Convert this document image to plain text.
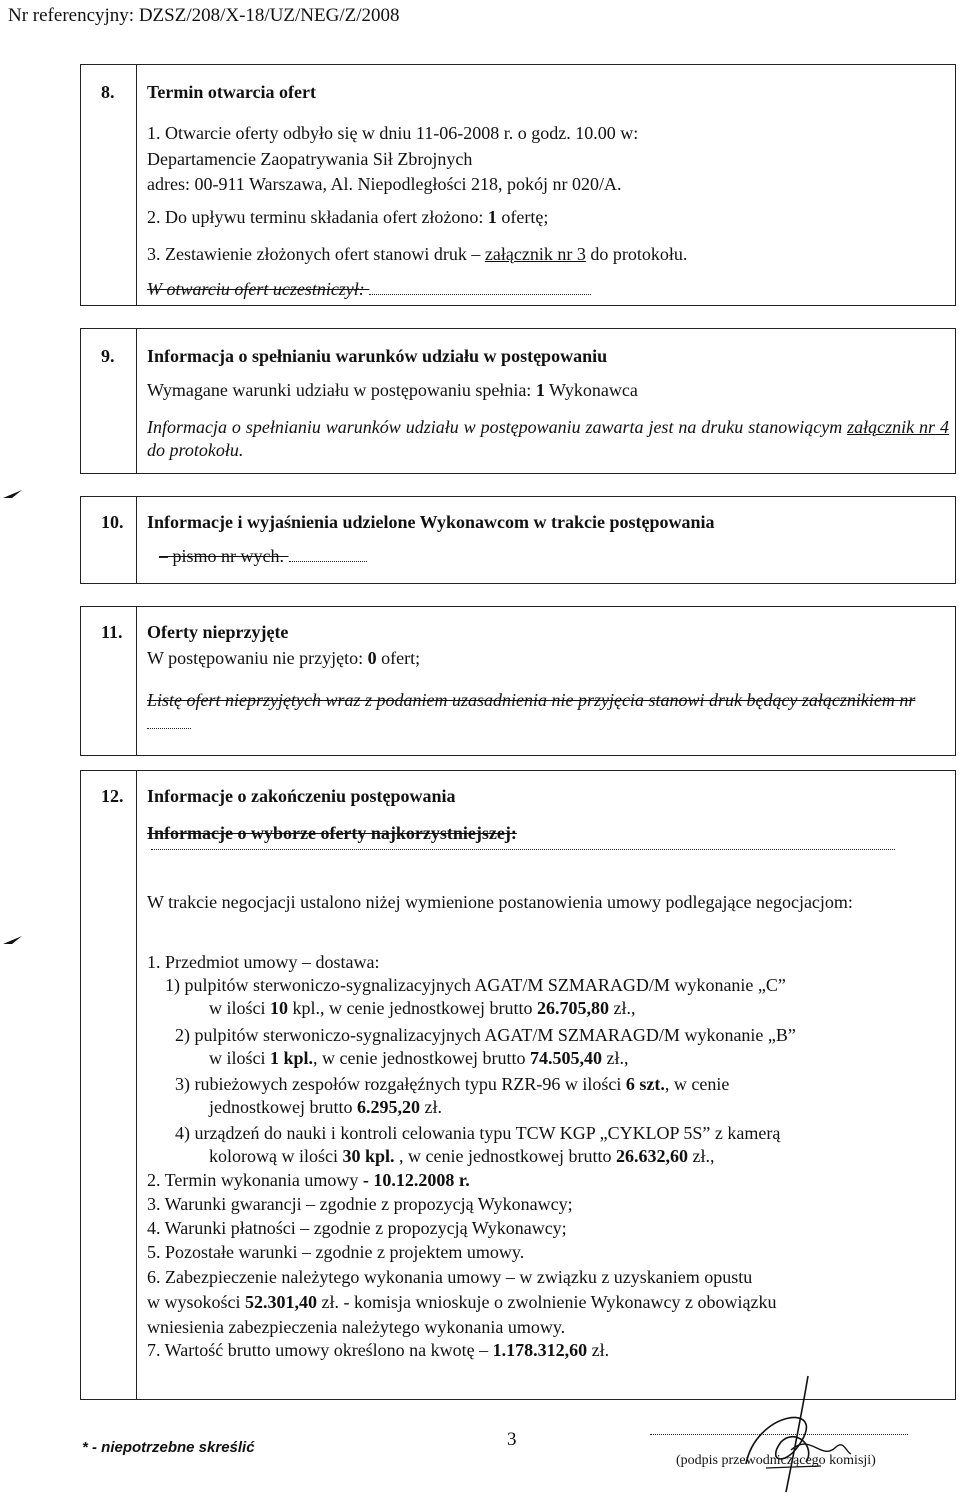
Nr referencyjny: DZSZ/208/X-18/UZ/NEG/Z/2008
8. Termin otwarcia ofert
1. Otwarcie oferty odbyło się w dniu 11-06-2008 r. o godz. 10.00 w:
Departamencie Zaopatrywania Sił Zbrojnych
adres: 00-911 Warszawa, Al. Niepodległości 218, pokój nr 020/A.
2. Do upływu terminu składania ofert złożono: 1 ofertę;
3. Zestawienie złożonych ofert stanowi druk – załącznik nr 3 do protokołu.
W otwarciu ofert uczestniczył:
9. Informacja o spełnianiu warunków udziału w postępowaniu
Wymagane warunki udziału w postępowaniu spełnia: 1 Wykonawca
Informacja o spełnianiu warunków udziału w postępowaniu zawarta jest na druku stanowiącym załącznik nr 4 do protokołu.
10. Informacje i wyjaśnienia udzielone Wykonawcom w trakcie postępowania
– pismo nr wych.
11. Oferty nieprzyjęte
W postępowaniu nie przyjęto: 0 ofert;
Listę ofert nieprzyjętych wraz z podaniem uzasadnienia nie przyjęcia stanowi druk będący załącznikiem nr
12. Informacje o zakończeniu postępowania
Informacje o wyborze oferty najkorzystniejszej:
W trakcie negocjacji ustalono niżej wymienione postanowienia umowy podlegające negocjacjom:
1. Przedmiot umowy – dostawa:
1) pulpitów sterwoniczo-sygnalizacyjnych AGAT/M SZMARAGD/M wykonanie „C”
w ilości 10 kpl., w cenie jednostkowej brutto 26.705,80 zł.,
2) pulpitów sterwoniczo-sygnalizacyjnych AGAT/M SZMARAGD/M wykonanie „B”
w ilości 1 kpl., w cenie jednostkowej brutto 74.505,40 zł.,
3) rubieżowych zespołów rozgałęźnych typu RZR-96 w ilości 6 szt., w cenie
jednostkowej brutto 6.295,20 zł.
4) urządzeń do nauki i kontroli celowania typu TCW KGP „CYKLOP 5S” z kamerą
kolorową w ilości 30 kpl. , w cenie jednostkowej brutto 26.632,60 zł.,
2. Termin wykonania umowy - 10.12.2008 r.
3. Warunki gwarancji – zgodnie z propozycją Wykonawcy;
4. Warunki płatności – zgodnie z propozycją Wykonawcy;
5. Pozostałe warunki – zgodnie z projektem umowy.
6. Zabezpieczenie należytego wykonania umowy – w związku z uzyskaniem opustu
w wysokości 52.301,40 zł. - komisja wnioskuje o zwolnienie Wykonawcy z obowiązku
wniesienia zabezpieczenia należytego wykonania umowy.
7. Wartość brutto umowy określono na kwotę – 1.178.312,60 zł.
* - niepotrzebne skreślić	3
(podpis przewodniczącego komisji)
